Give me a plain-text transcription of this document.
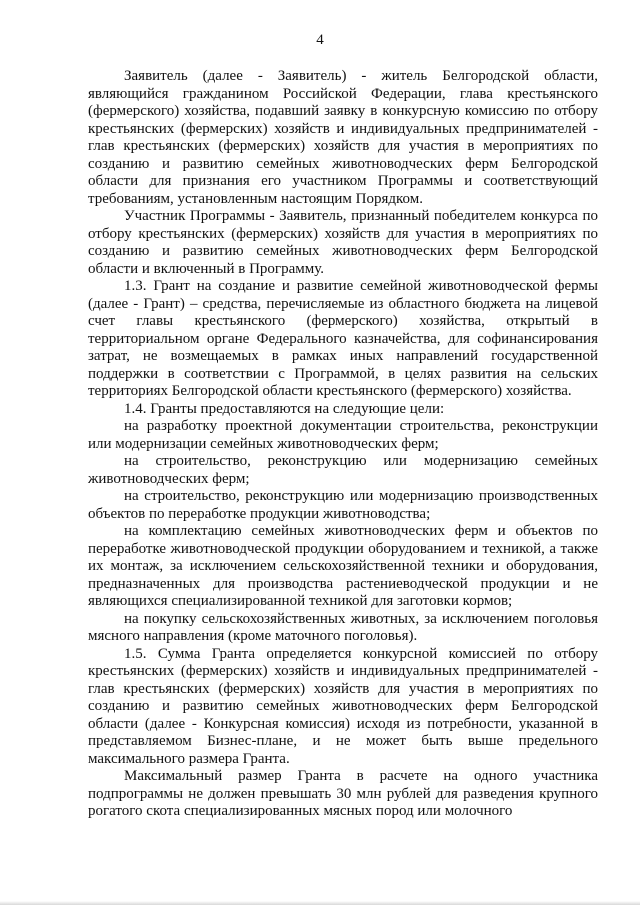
4

Заявитель (далее - Заявитель) - житель Белгородской области, являющийся гражданином Российской Федерации, глава крестьянского (фермерского) хозяйства, подавший заявку в конкурсную комиссию по отбору крестьянских (фермерских) хозяйств и индивидуальных предпринимателей - глав крестьянских (фермерских) хозяйств для участия в мероприятиях по созданию и развитию семейных животноводческих ферм Белгородской области для признания его участником Программы и соответствующий требованиям, установленным настоящим Порядком.

Участник Программы - Заявитель, признанный победителем конкурса по отбору крестьянских (фермерских) хозяйств для участия в мероприятиях по созданию и развитию семейных животноводческих ферм Белгородской области и включенный в Программу.

1.3. Грант на создание и развитие семейной животноводческой фермы (далее - Грант) – средства, перечисляемые из областного бюджета на лицевой счет главы крестьянского (фермерского) хозяйства, открытый в территориальном органе Федерального казначейства, для софинансирования затрат, не возмещаемых в рамках иных направлений государственной поддержки в соответствии с Программой, в целях развития на сельских территориях Белгородской области крестьянского (фермерского) хозяйства.

1.4. Гранты предоставляются на следующие цели:

на разработку проектной документации строительства, реконструкции или модернизации семейных животноводческих ферм;

на строительство, реконструкцию или модернизацию семейных животноводческих ферм;

на строительство, реконструкцию или модернизацию производственных объектов по переработке продукции животноводства;

на комплектацию семейных животноводческих ферм и объектов по переработке животноводческой продукции оборудованием и техникой, а также их монтаж, за исключением сельскохозяйственной техники и оборудования, предназначенных для производства растениеводческой продукции и не являющихся специализированной техникой для заготовки кормов;

на покупку сельскохозяйственных животных, за исключением поголовья мясного направления (кроме маточного поголовья).

1.5. Сумма Гранта определяется конкурсной комиссией по отбору крестьянских (фермерских) хозяйств и индивидуальных предпринимателей - глав крестьянских (фермерских) хозяйств для участия в мероприятиях по созданию и развитию семейных животноводческих ферм Белгородской области (далее - Конкурсная комиссия) исходя из потребности, указанной в представляемом Бизнес-плане, и не может быть выше предельного максимального размера Гранта.

Максимальный размер Гранта в расчете на одного участника подпрограммы не должен превышать 30 млн рублей для разведения крупного рогатого скота специализированных мясных пород или молочного
